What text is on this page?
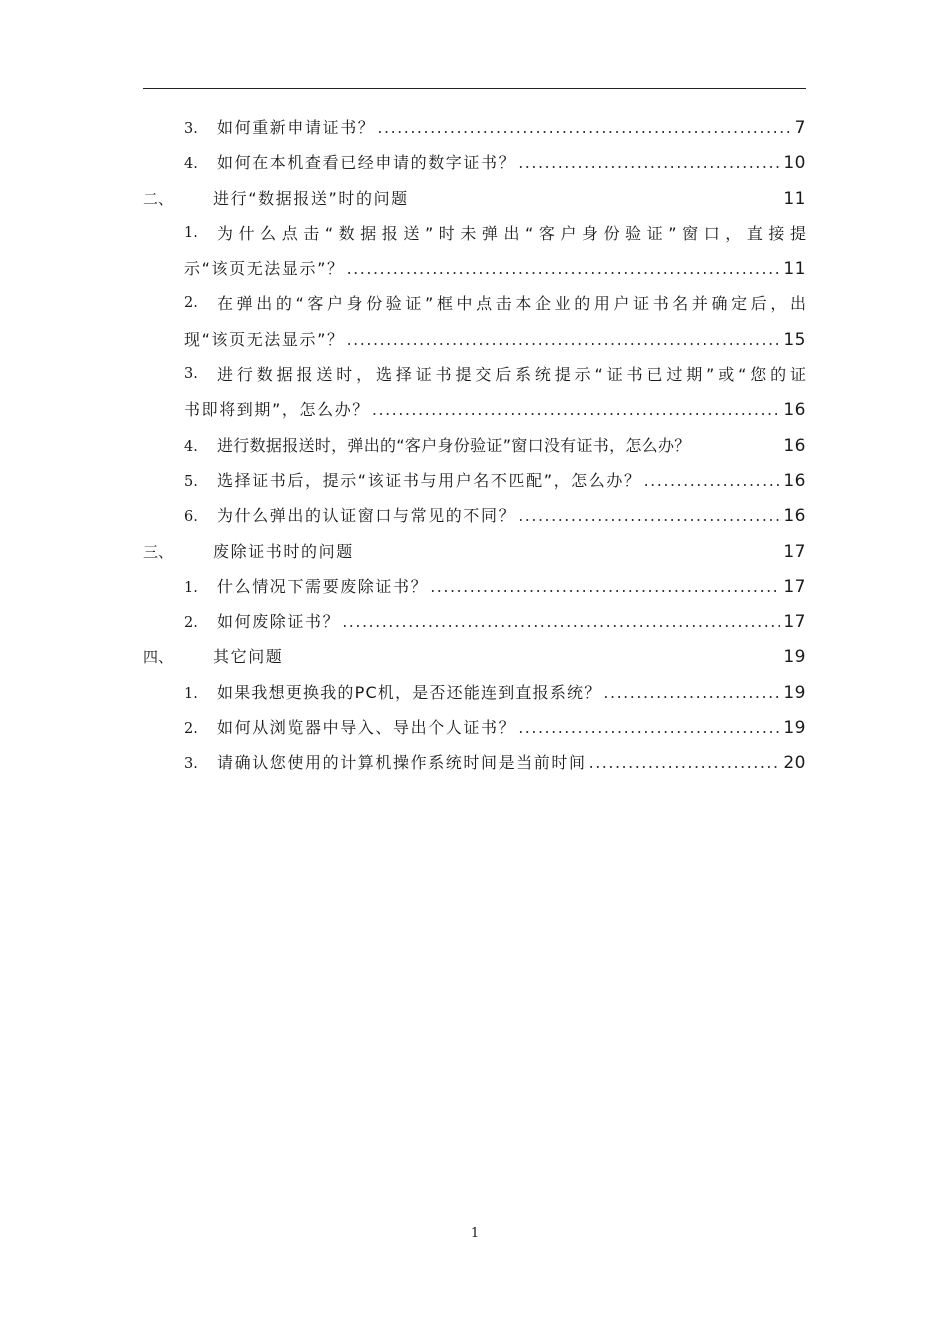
3.	如何重新申请证书？ .....	7
4.	如何在本机查看已经申请的数字证书？ .....	10
二、	进行“数据报送”时的问题	11
1.	为什么点击“数据报送”时未弹出“客户身份验证”窗口，直接提
示“该页无法显示”？ .....	11
2.	在弹出的“客户身份验证”框中点击本企业的用户证书名并确定后，出
现“该页无法显示”？ .....	15
3.	进行数据报送时，选择证书提交后系统提示“证书已过期”或“您的证
书即将到期”，怎么办？ .....	16
4.	进行数据报送时，弹出的“客户身份验证”窗口没有证书，怎么办？	16
5.	选择证书后，提示“该证书与用户名不匹配”，怎么办？ .....	16
6.	为什么弹出的认证窗口与常见的不同？ .....	16
三、	废除证书时的问题	17
1.	什么情况下需要废除证书？ .....	17
2.	如何废除证书？ .....	17
四、	其它问题	19
1.	如果我想更换我的PC机，是否还能连到直报系统？ .....	19
2.	如何从浏览器中导入、导出个人证书？ .....	19
3.	请确认您使用的计算机操作系统时间是当前时间 .....	20
1
